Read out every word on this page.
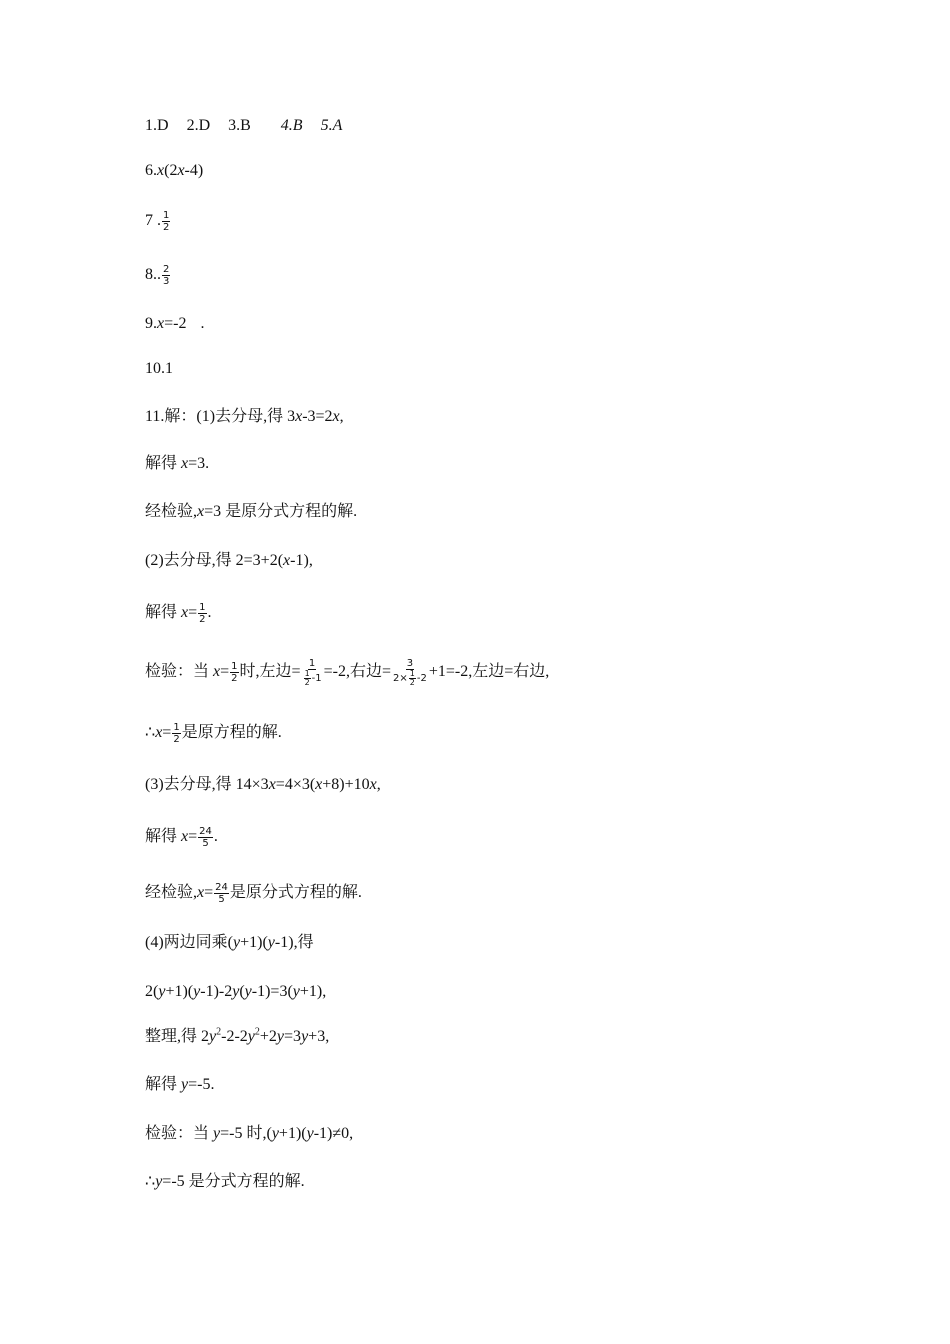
1.D 2.D 3.B 4.B 5.A
6.x(2x-4)
7 . $\frac{1}{2}$
8.. $\frac{2}{3}$
9.x=-2 .
10.1
11.解：(1)去分母,得 3x-3=2x,
解得 x=3.
经检验,x=3 是原分式方程的解.
(2)去分母,得 2=3+2(x-1),
解得 $x= \frac{1}{2}$ .
检验：当 $x= \frac{1}{2}$ 时,左边= $\frac{1}{\frac{1}{2} -1} =-2$,右边= $\frac{3}{2\times \frac{1}{2} -2} +1=-2$,左边=右边,
∴x= $\frac{1}{2}$ 是原方程的解.
(3)去分母,得 14×3x=4×3(x+8)+10x,
解得 $x= \frac{24}{5}$ .
经检验$,x= \frac{24}{5}$ 是原分式方程的解.
(4)两边同乘(y+1)(y-1),得
2(y+1)(y-1)-2y(y-1)=3(y+1),
整理,得 $2y^2-2-2y^2+2y=3y+3$,
解得 y=-5.
检验：当 y=-5 时,(y+1)(y-1)≠0,
∴y=-5 是分式方程的解.
